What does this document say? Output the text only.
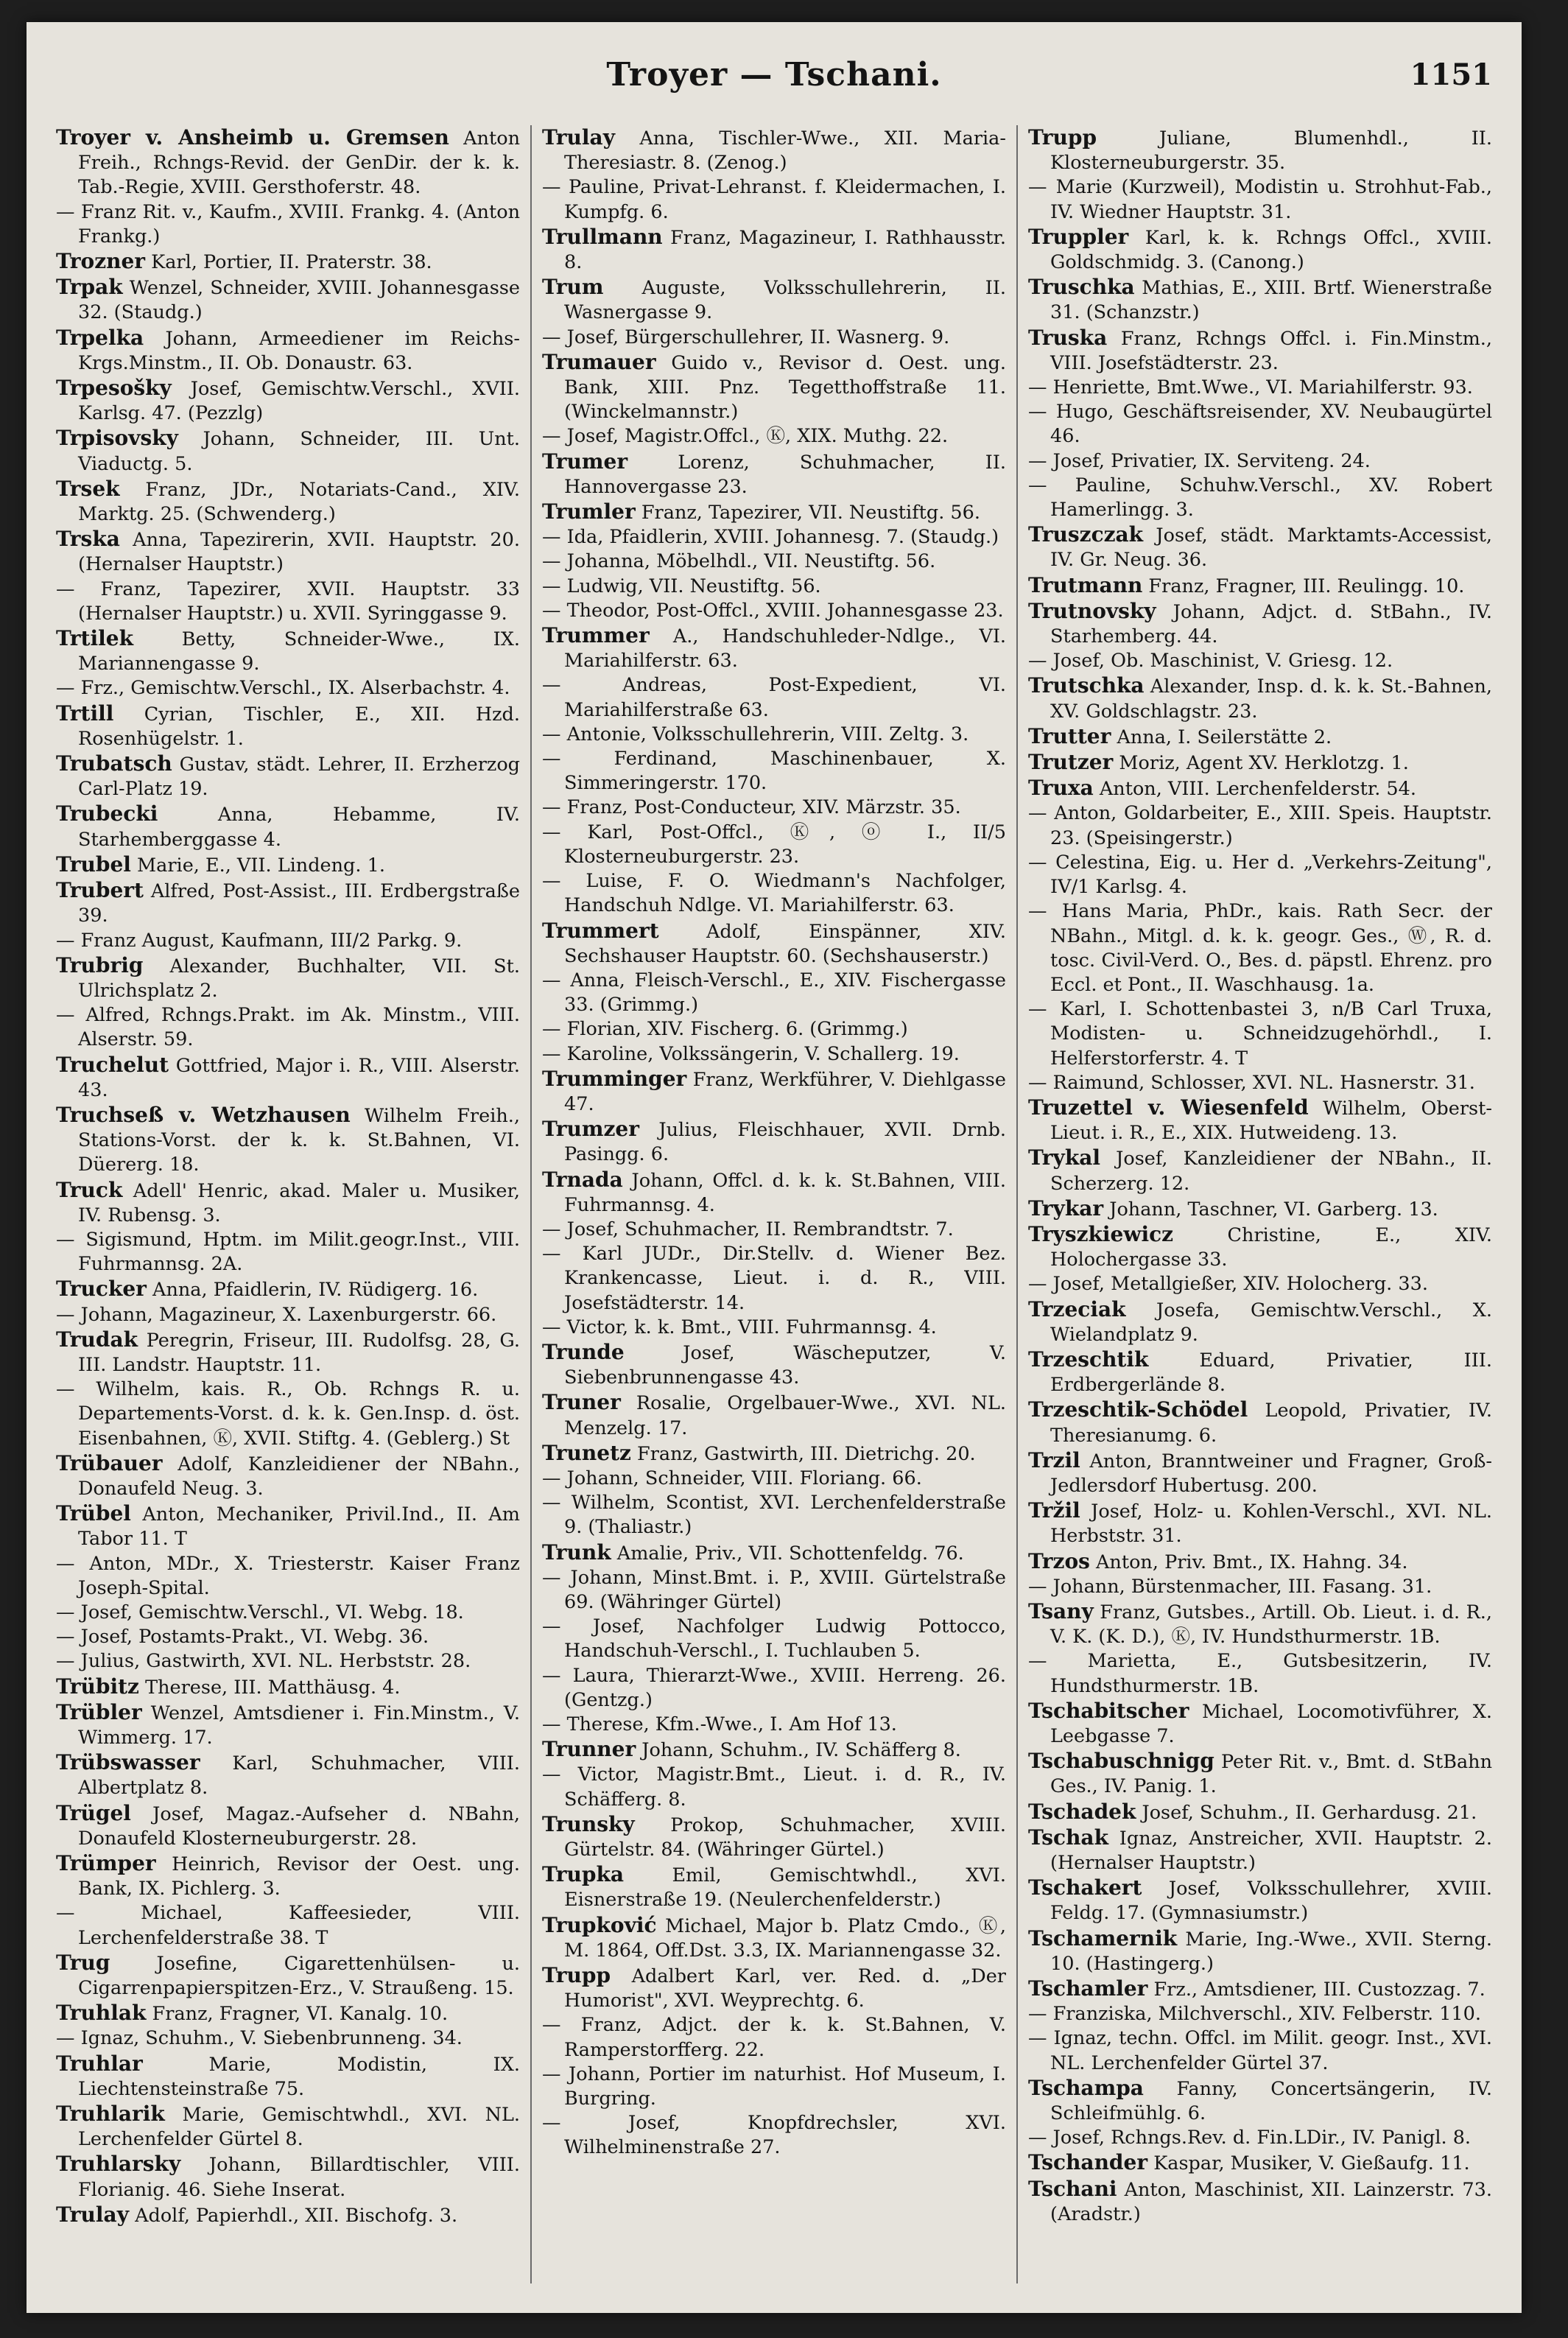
Troyer — Tschani.	1151

Troyer v. Ansheimb u. Gremsen Anton Freih., Rchngs-Revid. der GenDir. der k. k. Tab.-Regie, XVIII. Gersthoferstr. 48.

— Franz Rit. v., Kaufm., XVIII. Frankg. 4. (Anton Frankg.)

Trozner Karl, Portier, II. Praterstr. 38.

Trpak Wenzel, Schneider, XVIII. Johannesgasse 32. (Staudg.)

Trpelka Johann, Armeediener im Reichs-Krgs.Minstm., II. Ob. Donaustr. 63.

Trpesošky Josef, Gemischtw.Verschl., XVII. Karlsg. 47. (Pezzlg)

Trpisovsky Johann, Schneider, III. Unt. Viaductg. 5.

Trsek Franz, JDr., Notariats-Cand., XIV. Marktg. 25. (Schwenderg.)

Trska Anna, Tapezirerin, XVII. Hauptstr. 20. (Hernalser Hauptstr.)

— Franz, Tapezirer, XVII. Hauptstr. 33 (Hernalser Hauptstr.) u. XVII. Syringgasse 9.

Trtilek Betty, Schneider-Wwe., IX. Mariannengasse 9.

— Frz., Gemischtw.Verschl., IX. Alserbachstr. 4.

Trtill Cyrian, Tischler, E., XII. Hzd. Rosenhügelstr. 1.

Trubatsch Gustav, städt. Lehrer, II. Erzherzog Carl-Platz 19.

Trubecki Anna, Hebamme, IV. Starhemberggasse 4.

Trubel Marie, E., VII. Lindeng. 1.

Trubert Alfred, Post-Assist., III. Erdbergstraße 39.

— Franz August, Kaufmann, III/2 Parkg. 9.

Trubrig Alexander, Buchhalter, VII. St. Ulrichsplatz 2.

— Alfred, Rchngs.Prakt. im Ak. Minstm., VIII. Alserstr. 59.

Truchelut Gottfried, Major i. R., VIII. Alserstr. 43.

Truchseß v. Wetzhausen Wilhelm Freih., Stations-Vorst. der k. k. St.Bahnen, VI. Düererg. 18.

Truck Adell' Henric, akad. Maler u. Musiker, IV. Rubensg. 3.

— Sigismund, Hptm. im Milit.geogr.Inst., VIII. Fuhrmannsg. 2A.

Trucker Anna, Pfaidlerin, IV. Rüdigerg. 16.

— Johann, Magazineur, X. Laxenburgerstr. 66.

Trudak Peregrin, Friseur, III. Rudolfsg. 28, G. III. Landstr. Hauptstr. 11.

— Wilhelm, kais. R., Ob. Rchngs R. u. Departements-Vorst. d. k. k. Gen.Insp. d. öst. Eisenbahnen, Ⓚ, XVII. Stiftg. 4. (Geblerg.) St

Trübauer Adolf, Kanzleidiener der NBahn., Donaufeld Neug. 3.

Trübel Anton, Mechaniker, Privil.Ind., II. Am Tabor 11. T

— Anton, MDr., X. Triesterstr. Kaiser Franz Joseph-Spital.

— Josef, Gemischtw.Verschl., VI. Webg. 18.

— Josef, Postamts-Prakt., VI. Webg. 36.

— Julius, Gastwirth, XVI. NL. Herbststr. 28.

Trübitz Therese, III. Matthäusg. 4.

Trübler Wenzel, Amtsdiener i. Fin.Minstm., V. Wimmerg. 17.

Trübswasser Karl, Schuhmacher, VIII. Albertplatz 8.

Trügel Josef, Magaz.-Aufseher d. NBahn, Donaufeld Klosterneuburgerstr. 28.

Trümper Heinrich, Revisor der Oest. ung. Bank, IX. Pichlerg. 3.

— Michael, Kaffeesieder, VIII. Lerchenfelderstraße 38. T

Trug Josefine, Cigarettenhülsen- u. Cigarrenpapierspitzen-Erz., V. Straußeng. 15.

Truhlak Franz, Fragner, VI. Kanalg. 10.

— Ignaz, Schuhm., V. Siebenbrunneng. 34.

Truhlar Marie, Modistin, IX. Liechtensteinstraße 75.

Truhlarik Marie, Gemischtwhdl., XVI. NL. Lerchenfelder Gürtel 8.

Truhlarsky Johann, Billardtischler, VIII. Florianig. 46. Siehe Inserat.

Trulay Adolf, Papierhdl., XII. Bischofg. 3.

Trulay Anna, Tischler-Wwe., XII. Maria-Theresiastr. 8. (Zenog.)

— Pauline, Privat-Lehranst. f. Kleidermachen, I. Kumpfg. 6.

Trullmann Franz, Magazineur, I. Rathhausstr. 8.

Trum Auguste, Volksschullehrerin, II. Wasnergasse 9.

— Josef, Bürgerschullehrer, II. Wasnerg. 9.

Trumauer Guido v., Revisor d. Oest. ung. Bank, XIII. Pnz. Tegetthoffstraße 11. (Winckelmannstr.)

— Josef, Magistr.Offcl., Ⓚ, XIX. Muthg. 22.

Trumer Lorenz, Schuhmacher, II. Hannovergasse 23.

Trumler Franz, Tapezirer, VII. Neustiftg. 56.

— Ida, Pfaidlerin, XVIII. Johannesg. 7. (Staudg.)

— Johanna, Möbelhdl., VII. Neustiftg. 56.

— Ludwig, VII. Neustiftg. 56.

— Theodor, Post-Offcl., XVIII. Johannesgasse 23.

Trummer A., Handschuhleder-Ndlge., VI. Mariahilferstr. 63.

— Andreas, Post-Expedient, VI. Mariahilferstraße 63.

— Antonie, Volksschullehrerin, VIII. Zeltg. 3.

— Ferdinand, Maschinenbauer, X. Simmeringerstr. 170.

— Franz, Post-Conducteur, XIV. Märzstr. 35.

— Karl, Post-Offcl., Ⓚ, ⓞ I., II/5 Klosterneuburgerstr. 23.

— Luise, F. O. Wiedmann's Nachfolger, Handschuh Ndlge. VI. Mariahilferstr. 63.

Trummert Adolf, Einspänner, XIV. Sechshauser Hauptstr. 60. (Sechshauserstr.)

— Anna, Fleisch-Verschl., E., XIV. Fischergasse 33. (Grimmg.)

— Florian, XIV. Fischerg. 6. (Grimmg.)

— Karoline, Volkssängerin, V. Schallerg. 19.

Trumminger Franz, Werkführer, V. Diehlgasse 47.

Trumzer Julius, Fleischhauer, XVII. Drnb. Pasingg. 6.

Trnada Johann, Offcl. d. k. k. St.Bahnen, VIII. Fuhrmannsg. 4.

— Josef, Schuhmacher, II. Rembrandtstr. 7.

— Karl JUDr., Dir.Stellv. d. Wiener Bez. Krankencasse, Lieut. i. d. R., VIII. Josefstädterstr. 14.

— Victor, k. k. Bmt., VIII. Fuhrmannsg. 4.

Trunde Josef, Wäscheputzer, V. Siebenbrunnengasse 43.

Truner Rosalie, Orgelbauer-Wwe., XVI. NL. Menzelg. 17.

Trunetz Franz, Gastwirth, III. Dietrichg. 20.

— Johann, Schneider, VIII. Floriang. 66.

— Wilhelm, Scontist, XVI. Lerchenfelderstraße 9. (Thaliastr.)

Trunk Amalie, Priv., VII. Schottenfeldg. 76.

— Johann, Minst.Bmt. i. P., XVIII. Gürtelstraße 69. (Währinger Gürtel)

— Josef, Nachfolger Ludwig Pottocco, Handschuh-Verschl., I. Tuchlauben 5.

— Laura, Thierarzt-Wwe., XVIII. Herreng. 26. (Gentzg.)

— Therese, Kfm.-Wwe., I. Am Hof 13.

Trunner Johann, Schuhm., IV. Schäfferg 8.

— Victor, Magistr.Bmt., Lieut. i. d. R., IV. Schäfferg. 8.

Trunsky Prokop, Schuhmacher, XVIII. Gürtelstr. 84. (Währinger Gürtel.)

Trupka Emil, Gemischtwhdl., XVI. Eisnerstraße 19. (Neulerchenfelderstr.)

Trupković Michael, Major b. Platz Cmdo., Ⓚ, M. 1864, Off.Dst. 3.3, IX. Mariannengasse 32.

Trupp Adalbert Karl, ver. Red. d. „Der Humorist", XVI. Weyprechtg. 6.

— Franz, Adjct. der k. k. St.Bahnen, V. Ramperstorfferg. 22.

— Johann, Portier im naturhist. Hof Museum, I. Burgring.

— Josef, Knopfdrechsler, XVI. Wilhelminenstraße 27.

Trupp Juliane, Blumenhdl., II. Klosterneuburgerstr. 35.

— Marie (Kurzweil), Modistin u. Strohhut-Fab., IV. Wiedner Hauptstr. 31.

Truppler Karl, k. k. Rchngs Offcl., XVIII. Goldschmidg. 3. (Canong.)

Truschka Mathias, E., XIII. Brtf. Wienerstraße 31. (Schanzstr.)

Truska Franz, Rchngs Offcl. i. Fin.Minstm., VIII. Josefstädterstr. 23.

— Henriette, Bmt.Wwe., VI. Mariahilferstr. 93.

— Hugo, Geschäftsreisender, XV. Neubaugürtel 46.

— Josef, Privatier, IX. Serviteng. 24.

— Pauline, Schuhw.Verschl., XV. Robert Hamerlingg. 3.

Truszczak Josef, städt. Marktamts-Accessist, IV. Gr. Neug. 36.

Trutmann Franz, Fragner, III. Reulingg. 10.

Trutnovsky Johann, Adjct. d. StBahn., IV. Starhemberg. 44.

— Josef, Ob. Maschinist, V. Griesg. 12.

Trutschka Alexander, Insp. d. k. k. St.-Bahnen, XV. Goldschlagstr. 23.

Trutter Anna, I. Seilerstätte 2.

Trutzer Moriz, Agent XV. Herklotzg. 1.

Truxa Anton, VIII. Lerchenfelderstr. 54.

— Anton, Goldarbeiter, E., XIII. Speis. Hauptstr. 23. (Speisingerstr.)

— Celestina, Eig. u. Her d. „Verkehrs-Zeitung", IV/1 Karlsg. 4.

— Hans Maria, PhDr., kais. Rath Secr. der NBahn., Mitgl. d. k. k. geogr. Ges., Ⓦ, R. d. tosc. Civil-Verd. O., Bes. d. päpstl. Ehrenz. pro Eccl. et Pont., II. Waschhausg. 1a.

— Karl, I. Schottenbastei 3, n/B Carl Truxa, Modisten- u. Schneidzugehörhdl., I. Helferstorferstr. 4. T

— Raimund, Schlosser, XVI. NL. Hasnerstr. 31.

Truzettel v. Wiesenfeld Wilhelm, Oberst-Lieut. i. R., E., XIX. Hutweideng. 13.

Trykal Josef, Kanzleidiener der NBahn., II. Scherzerg. 12.

Trykar Johann, Taschner, VI. Garberg. 13.

Tryszkiewicz Christine, E., XIV. Holochergasse 33.

— Josef, Metallgießer, XIV. Holocherg. 33.

Trzeciak Josefa, Gemischtw.Verschl., X. Wielandplatz 9.

Trzeschtik Eduard, Privatier, III. Erdbergerlände 8.

Trzeschtik-Schödel Leopold, Privatier, IV. Theresianumg. 6.

Trzil Anton, Branntweiner und Fragner, Groß-Jedlersdorf Hubertusg. 200.

Tržil Josef, Holz- u. Kohlen-Verschl., XVI. NL. Herbststr. 31.

Trzos Anton, Priv. Bmt., IX. Hahng. 34.

— Johann, Bürstenmacher, III. Fasang. 31.

Tsany Franz, Gutsbes., Artill. Ob. Lieut. i. d. R., V. K. (K. D.), Ⓚ, IV. Hundsthurmerstr. 1B.

— Marietta, E., Gutsbesitzerin, IV. Hundsthurmerstr. 1B.

Tschabitscher Michael, Locomotivführer, X. Leebgasse 7.

Tschabuschnigg Peter Rit. v., Bmt. d. StBahn Ges., IV. Panig. 1.

Tschadek Josef, Schuhm., II. Gerhardusg. 21.

Tschak Ignaz, Anstreicher, XVII. Hauptstr. 2. (Hernalser Hauptstr.)

Tschakert Josef, Volksschullehrer, XVIII. Feldg. 17. (Gymnasiumstr.)

Tschamernik Marie, Ing.-Wwe., XVII. Sterng. 10. (Hastingerg.)

Tschamler Frz., Amtsdiener, III. Custozzag. 7.

— Franziska, Milchverschl., XIV. Felberstr. 110.

— Ignaz, techn. Offcl. im Milit. geogr. Inst., XVI. NL. Lerchenfelder Gürtel 37.

Tschampa Fanny, Concertsängerin, IV. Schleifmühlg. 6.

— Josef, Rchngs.Rev. d. Fin.LDir., IV. Panigl. 8.

Tschander Kaspar, Musiker, V. Gießaufg. 11.

Tschani Anton, Maschinist, XII. Lainzerstr. 73. (Aradstr.)
